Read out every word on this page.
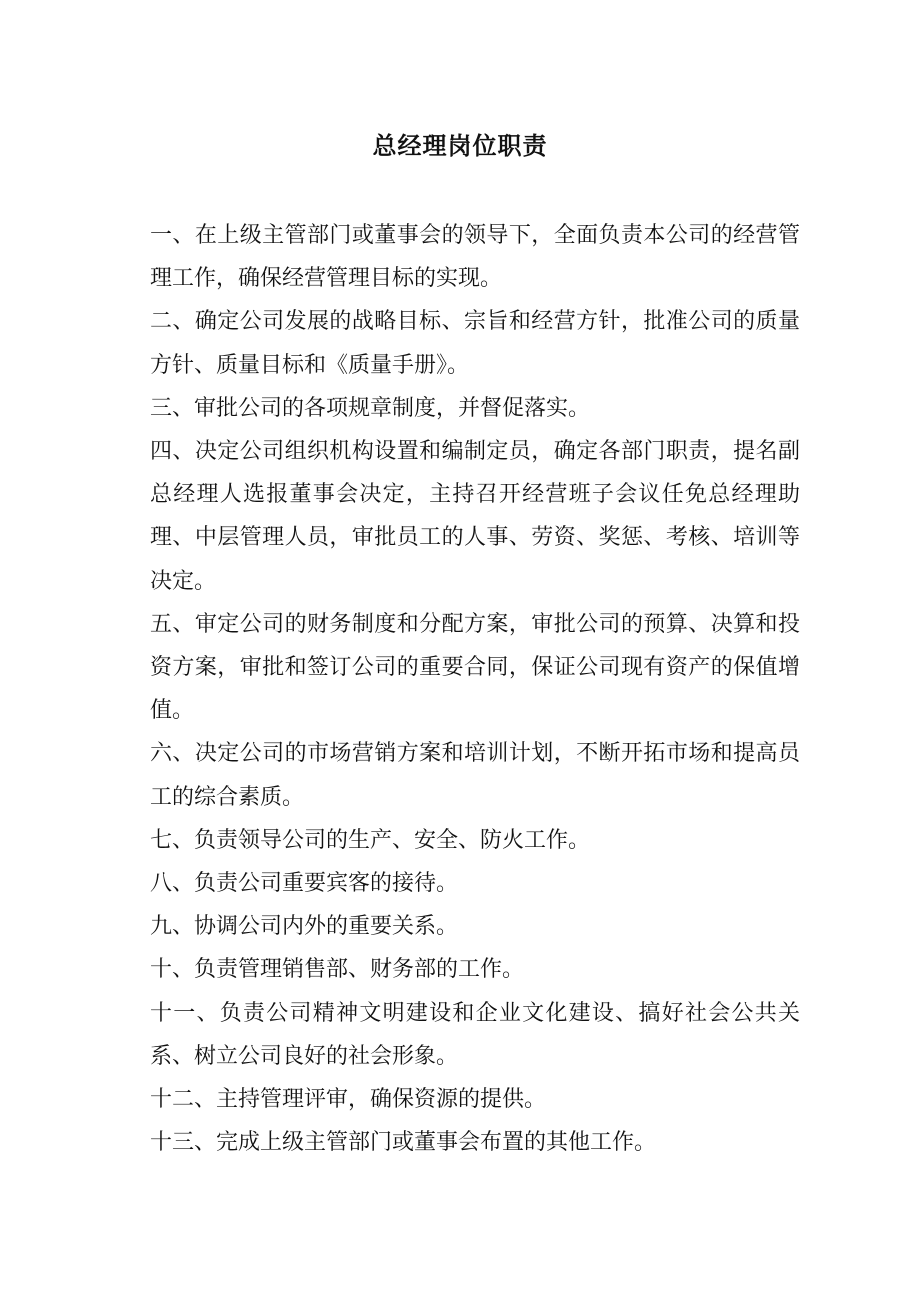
总经理岗位职责

一、在上级主管部门或董事会的领导下，全面负责本公司的经营管理工作，确保经营管理目标的实现。

二、确定公司发展的战略目标、宗旨和经营方针，批准公司的质量方针、质量目标和《质量手册》。

三、审批公司的各项规章制度，并督促落实。

四、决定公司组织机构设置和编制定员，确定各部门职责，提名副总经理人选报董事会决定，主持召开经营班子会议任免总经理助理、中层管理人员，审批员工的人事、劳资、奖惩、考核、培训等决定。

五、审定公司的财务制度和分配方案，审批公司的预算、决算和投资方案，审批和签订公司的重要合同，保证公司现有资产的保值增值。

六、决定公司的市场营销方案和培训计划，不断开拓市场和提高员工的综合素质。

七、负责领导公司的生产、安全、防火工作。

八、负责公司重要宾客的接待。

九、协调公司内外的重要关系。

十、负责管理销售部、财务部的工作。

十一、负责公司精神文明建设和企业文化建设、搞好社会公共关系、树立公司良好的社会形象。

十二、主持管理评审，确保资源的提供。

十三、完成上级主管部门或董事会布置的其他工作。
